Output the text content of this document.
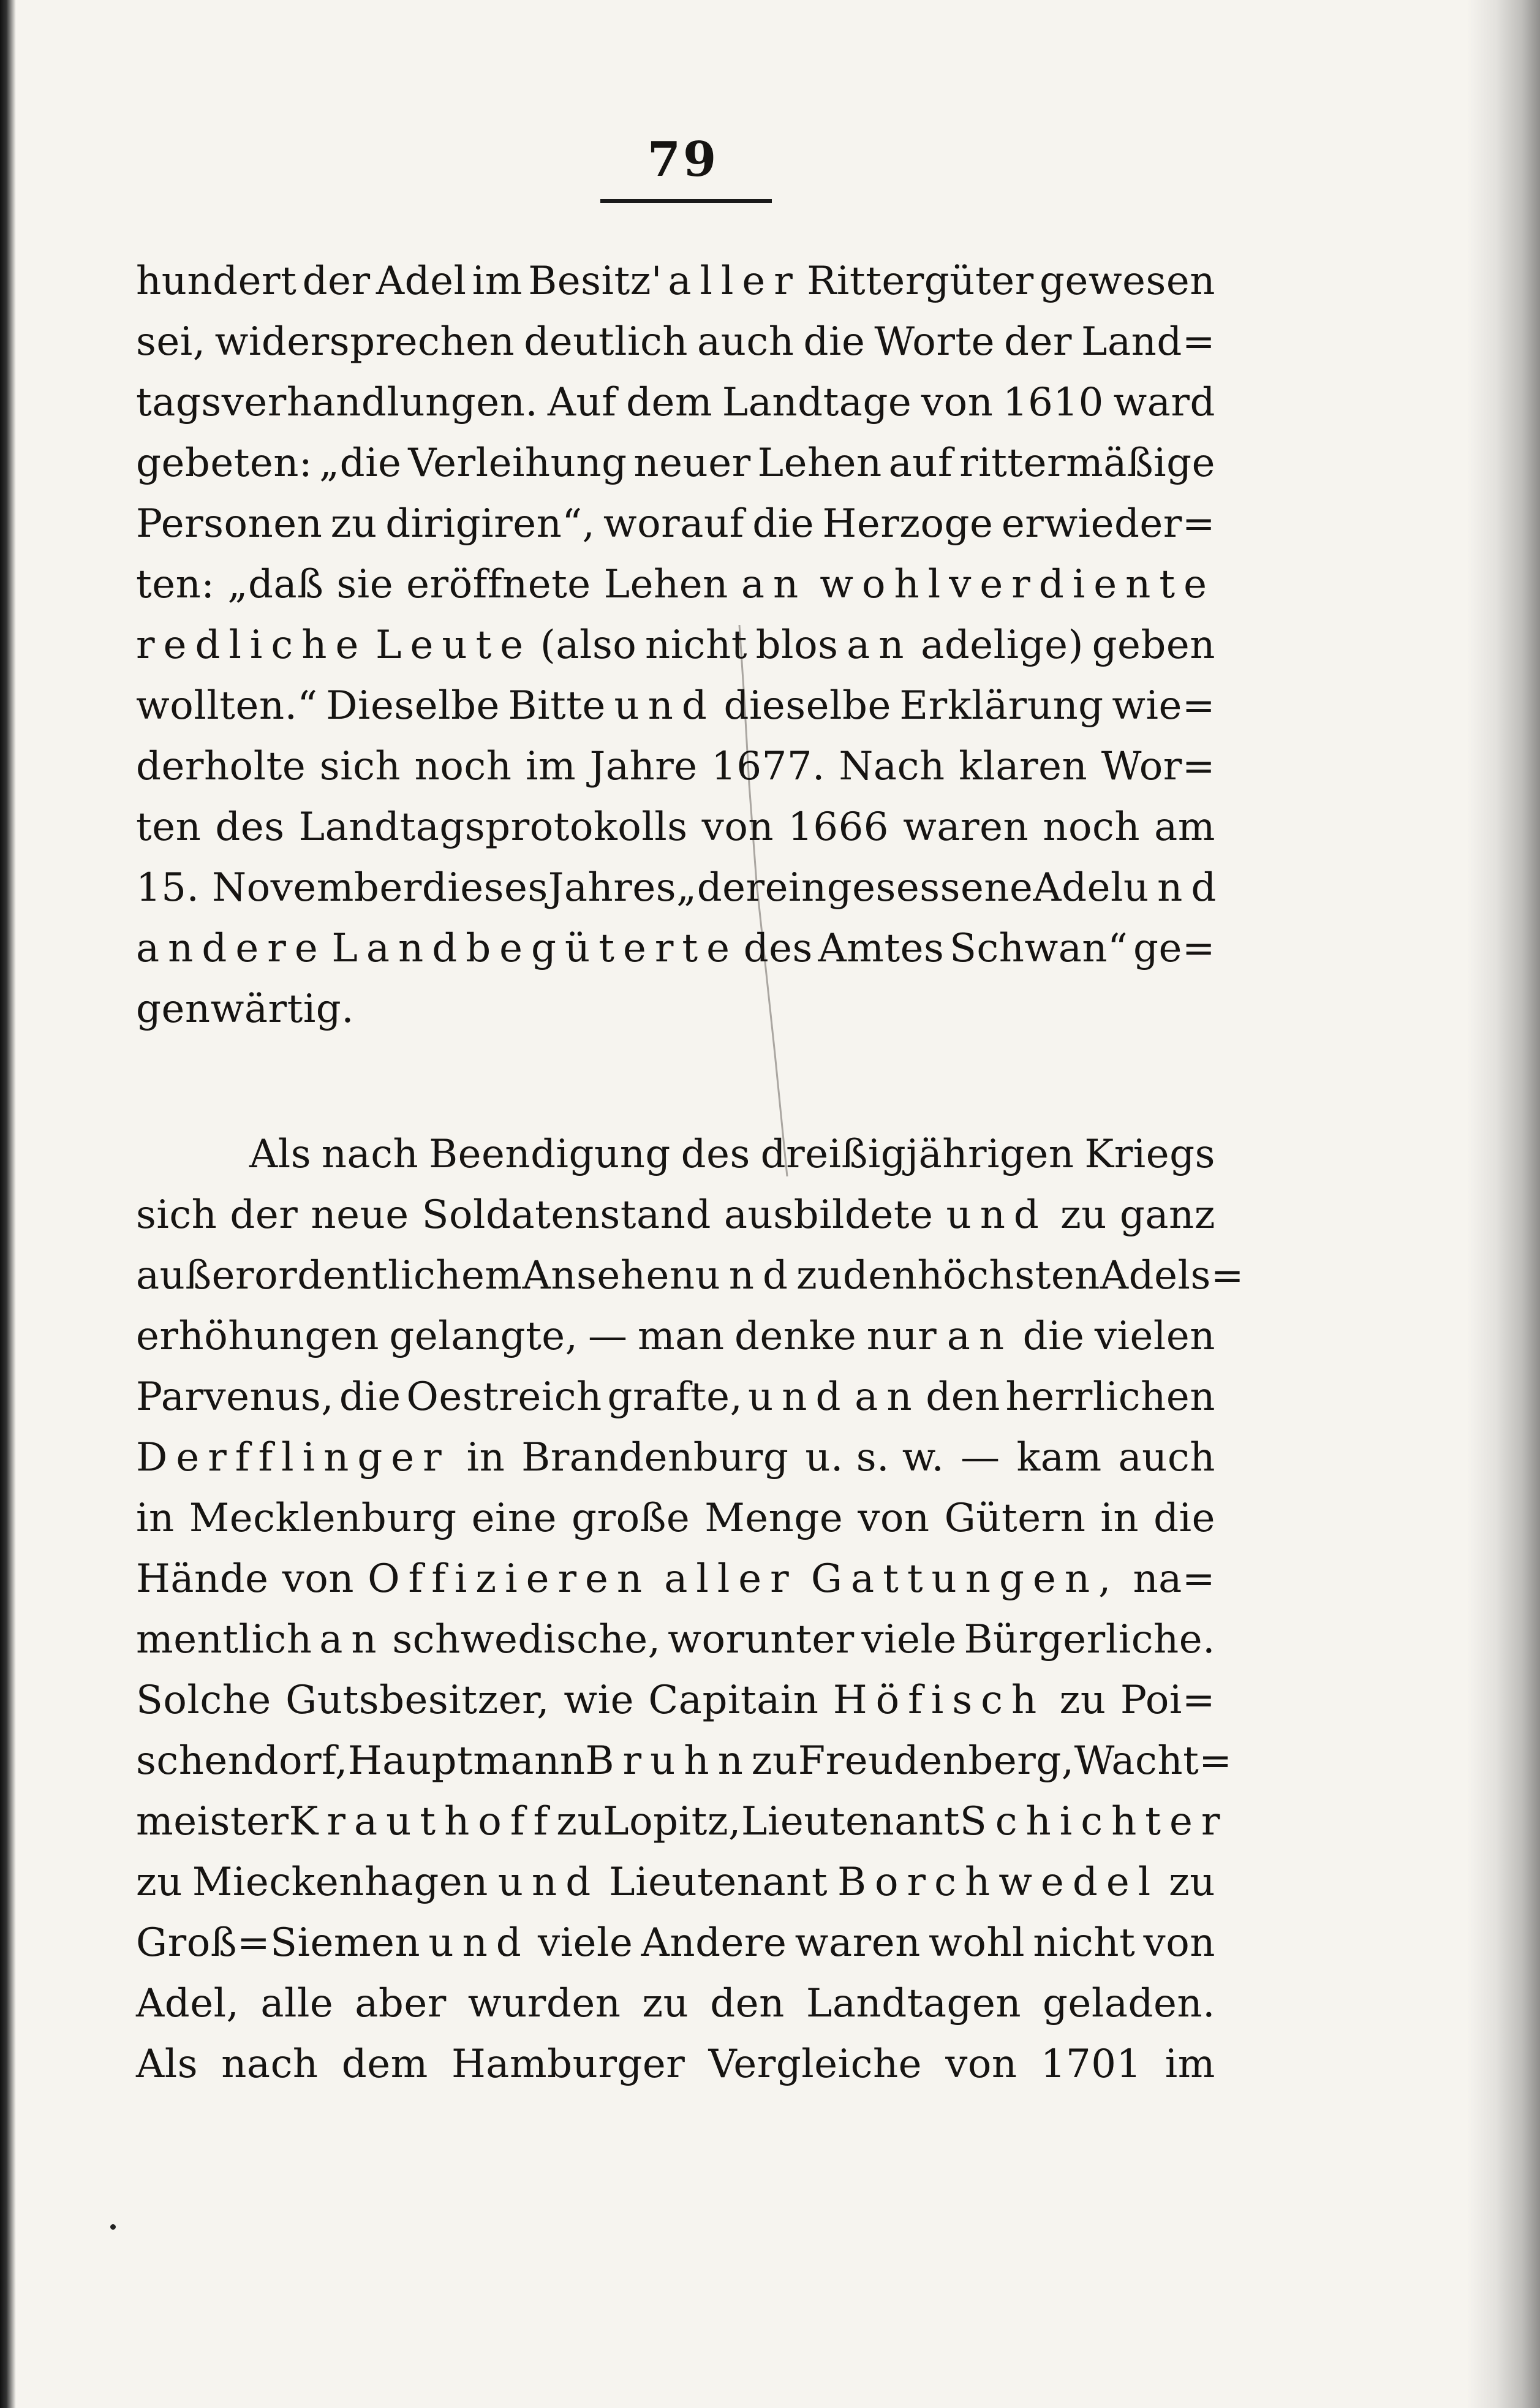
79
hundert der Adel im Besitz' aller Rittergüter gewesen
sei, widersprechen deutlich auch die Worte der Land=
tagsverhandlungen. Auf dem Landtage von 1610 ward
gebeten: „die Verleihung neuer Lehen auf rittermäßige
Personen zu dirigiren“, worauf die Herzoge erwieder=
ten: „daß sie eröffnete Lehen an wohlverdiente
redliche Leute (also nicht blos an adelige) geben
wollten.“ Dieselbe Bitte und dieselbe Erklärung wie=
derholte sich noch im Jahre 1677. Nach klaren Wor=
ten des Landtagsprotokolls von 1666 waren noch am
15. November dieses Jahres „der eingesessene Adel und
andere Landbegüterte des Amtes Schwan“ ge=
genwärtig.
Als nach Beendigung des dreißigjährigen Kriegs
sich der neue Soldatenstand ausbildete und zu ganz
außerordentlichem Ansehen und zu den höchsten Adels=
erhöhungen gelangte, — man denke nur an die vielen
Parvenus, die Oestreich grafte, und an den herrlichen
Derfflinger in Brandenburg u. s. w. — kam auch
in Mecklenburg eine große Menge von Gütern in die
Hände von Offizieren aller Gattungen, na=
mentlich an schwedische, worunter viele Bürgerliche.
Solche Gutsbesitzer, wie Capitain Höfisch zu Poi=
schendorf, Hauptmann Bruhn zu Freudenberg, Wacht=
meister Krauthoff zu Lopitz, Lieutenant Schichter
zu Mieckenhagen und Lieutenant Borchwedel zu
Groß=Siemen und viele Andere waren wohl nicht von
Adel, alle aber wurden zu den Landtagen geladen.
Als nach dem Hamburger Vergleiche von 1701 im
